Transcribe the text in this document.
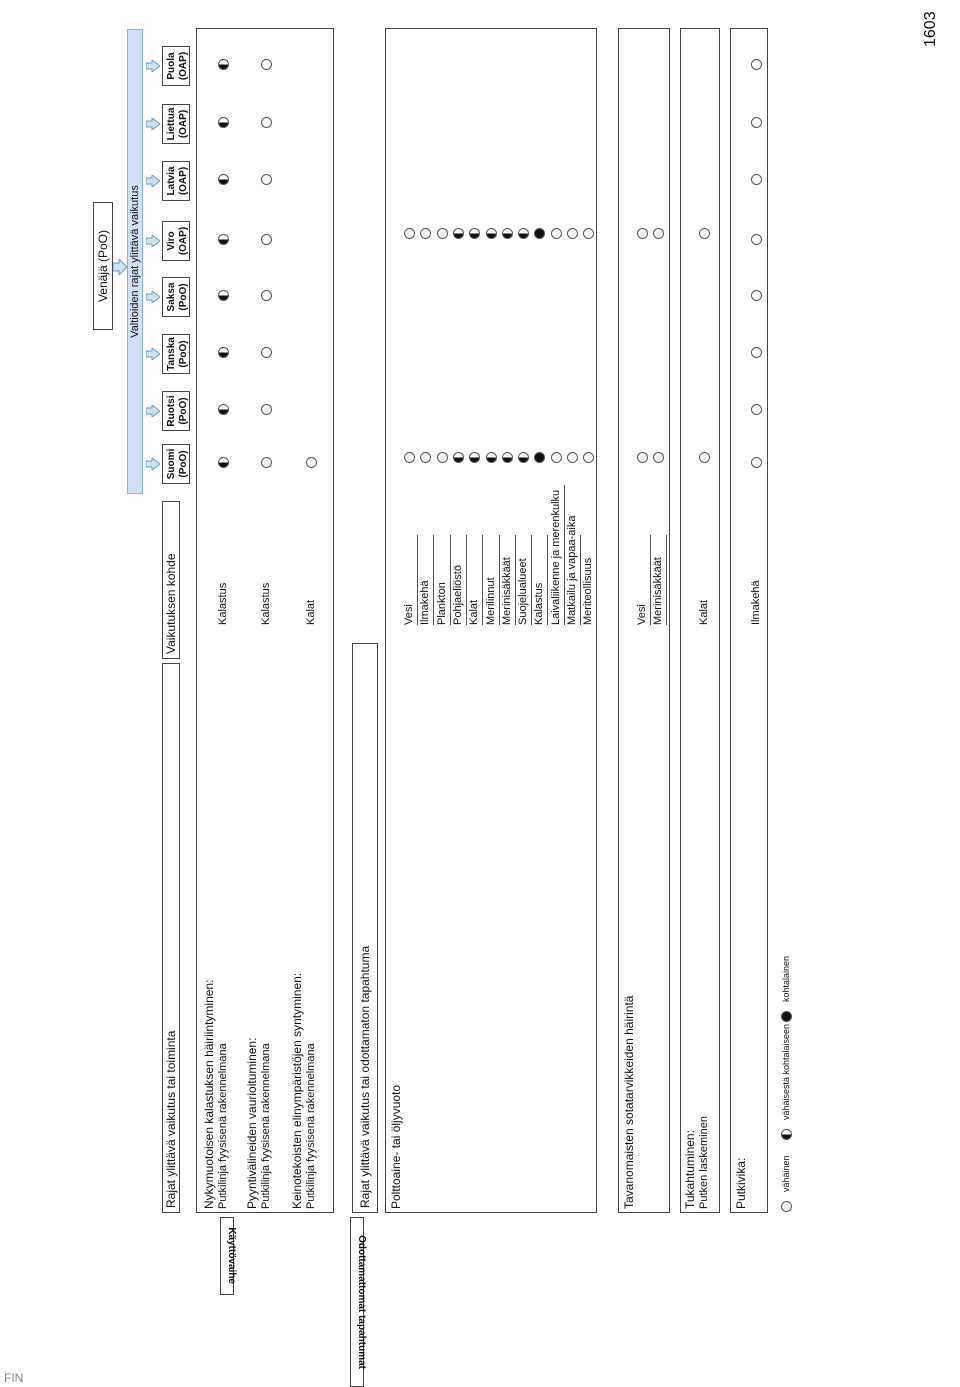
1603
FIN
Venäjä (PoO) Valtioiden rajat ylittävä vaikutus
Rajat ylittävä vaikutus tai toiminta
Vaikutuksen kohde
Suomi (PoO)
Ruotsi (PoO)
Tanska (PoO)
Saksa (PoO)
Viro (OAP)
Latvia (OAP)
Liettua (OAP)
Puola (OAP)
Käyttövaihe
Nykymuotoisen kalastuksen häiriintyminen: Putkilinja fyysisenä rakennelmana
Kalastus
Pyyntivälineiden vaurioituminen: Putkilinja fyysisenä rakennelmana
Kalastus
Keinotekoisten elinympäristöjen syntyminen: Putkilinja fyysisenä rakennelmana
Kalat
Odottamattomat tapahtumat
Rajat ylittävä vaikutus tai odottamaton tapahtuma Polttoaine- tai öljyvuoto
Vesi Ilmakehä Plankton Pohjaeliöstö Kalat Merilinnut Merinisäkkäät Suojelualueet Kalastus Laivaliikenne ja merenkulku Matkailu ja vapaa-aika Meriteollisuus
Tavanomaisten sotatarvikkeiden häirintä
Vesi Merinisäkkäät
Tukahtuminen: Putken laskeminen
Kalat
Putkivika:
Ilmakehä
vähäinen
vähäisestä kohtalaiseen
kohtalainen
